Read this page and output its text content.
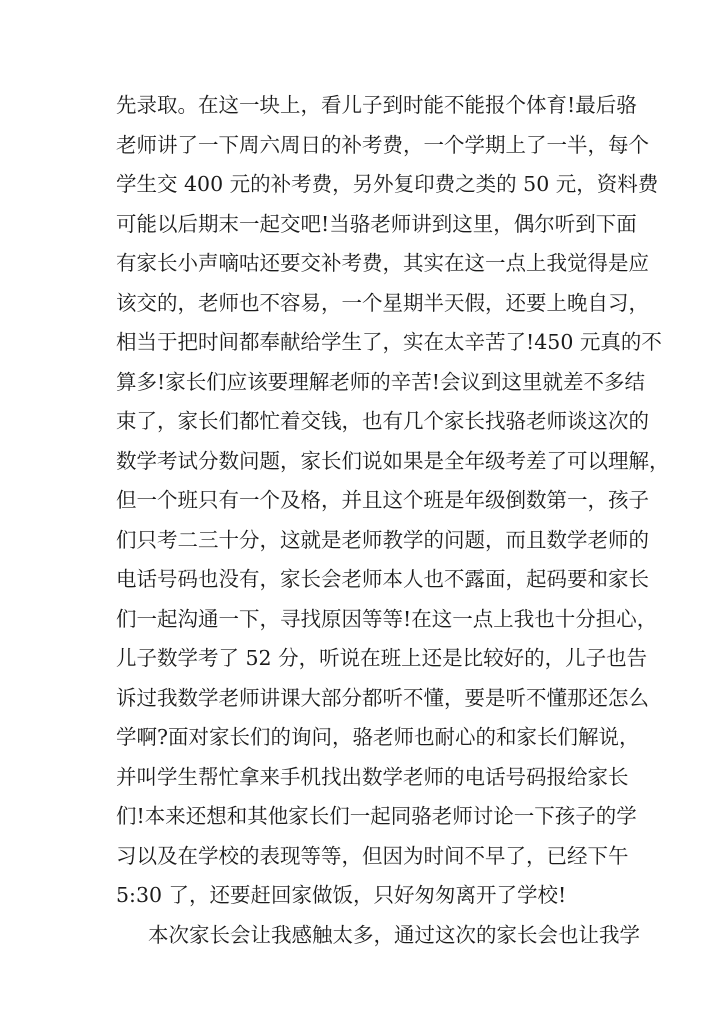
先录取。在这一块上，看儿子到时能不能报个体育!最后骆
老师讲了一下周六周日的补考费，一个学期上了一半，每个
学生交 400 元的补考费，另外复印费之类的 50 元，资料费
可能以后期末一起交吧!当骆老师讲到这里，偶尔听到下面
有家长小声嘀咕还要交补考费，其实在这一点上我觉得是应
该交的，老师也不容易，一个星期半天假，还要上晚自习，
相当于把时间都奉献给学生了，实在太辛苦了!450 元真的不
算多!家长们应该要理解老师的辛苦!会议到这里就差不多结
束了，家长们都忙着交钱，也有几个家长找骆老师谈这次的
数学考试分数问题，家长们说如果是全年级考差了可以理解，
但一个班只有一个及格，并且这个班是年级倒数第一，孩子
们只考二三十分，这就是老师教学的问题，而且数学老师的
电话号码也没有，家长会老师本人也不露面，起码要和家长
们一起沟通一下，寻找原因等等!在这一点上我也十分担心，
儿子数学考了 52 分，听说在班上还是比较好的，儿子也告
诉过我数学老师讲课大部分都听不懂，要是听不懂那还怎么
学啊?面对家长们的询问，骆老师也耐心的和家长们解说，
并叫学生帮忙拿来手机找出数学老师的电话号码报给家长
们!本来还想和其他家长们一起同骆老师讨论一下孩子的学
习以及在学校的表现等等，但因为时间不早了，已经下午
5:30 了，还要赶回家做饭，只好匆匆离开了学校!
本次家长会让我感触太多，通过这次的家长会也让我学
